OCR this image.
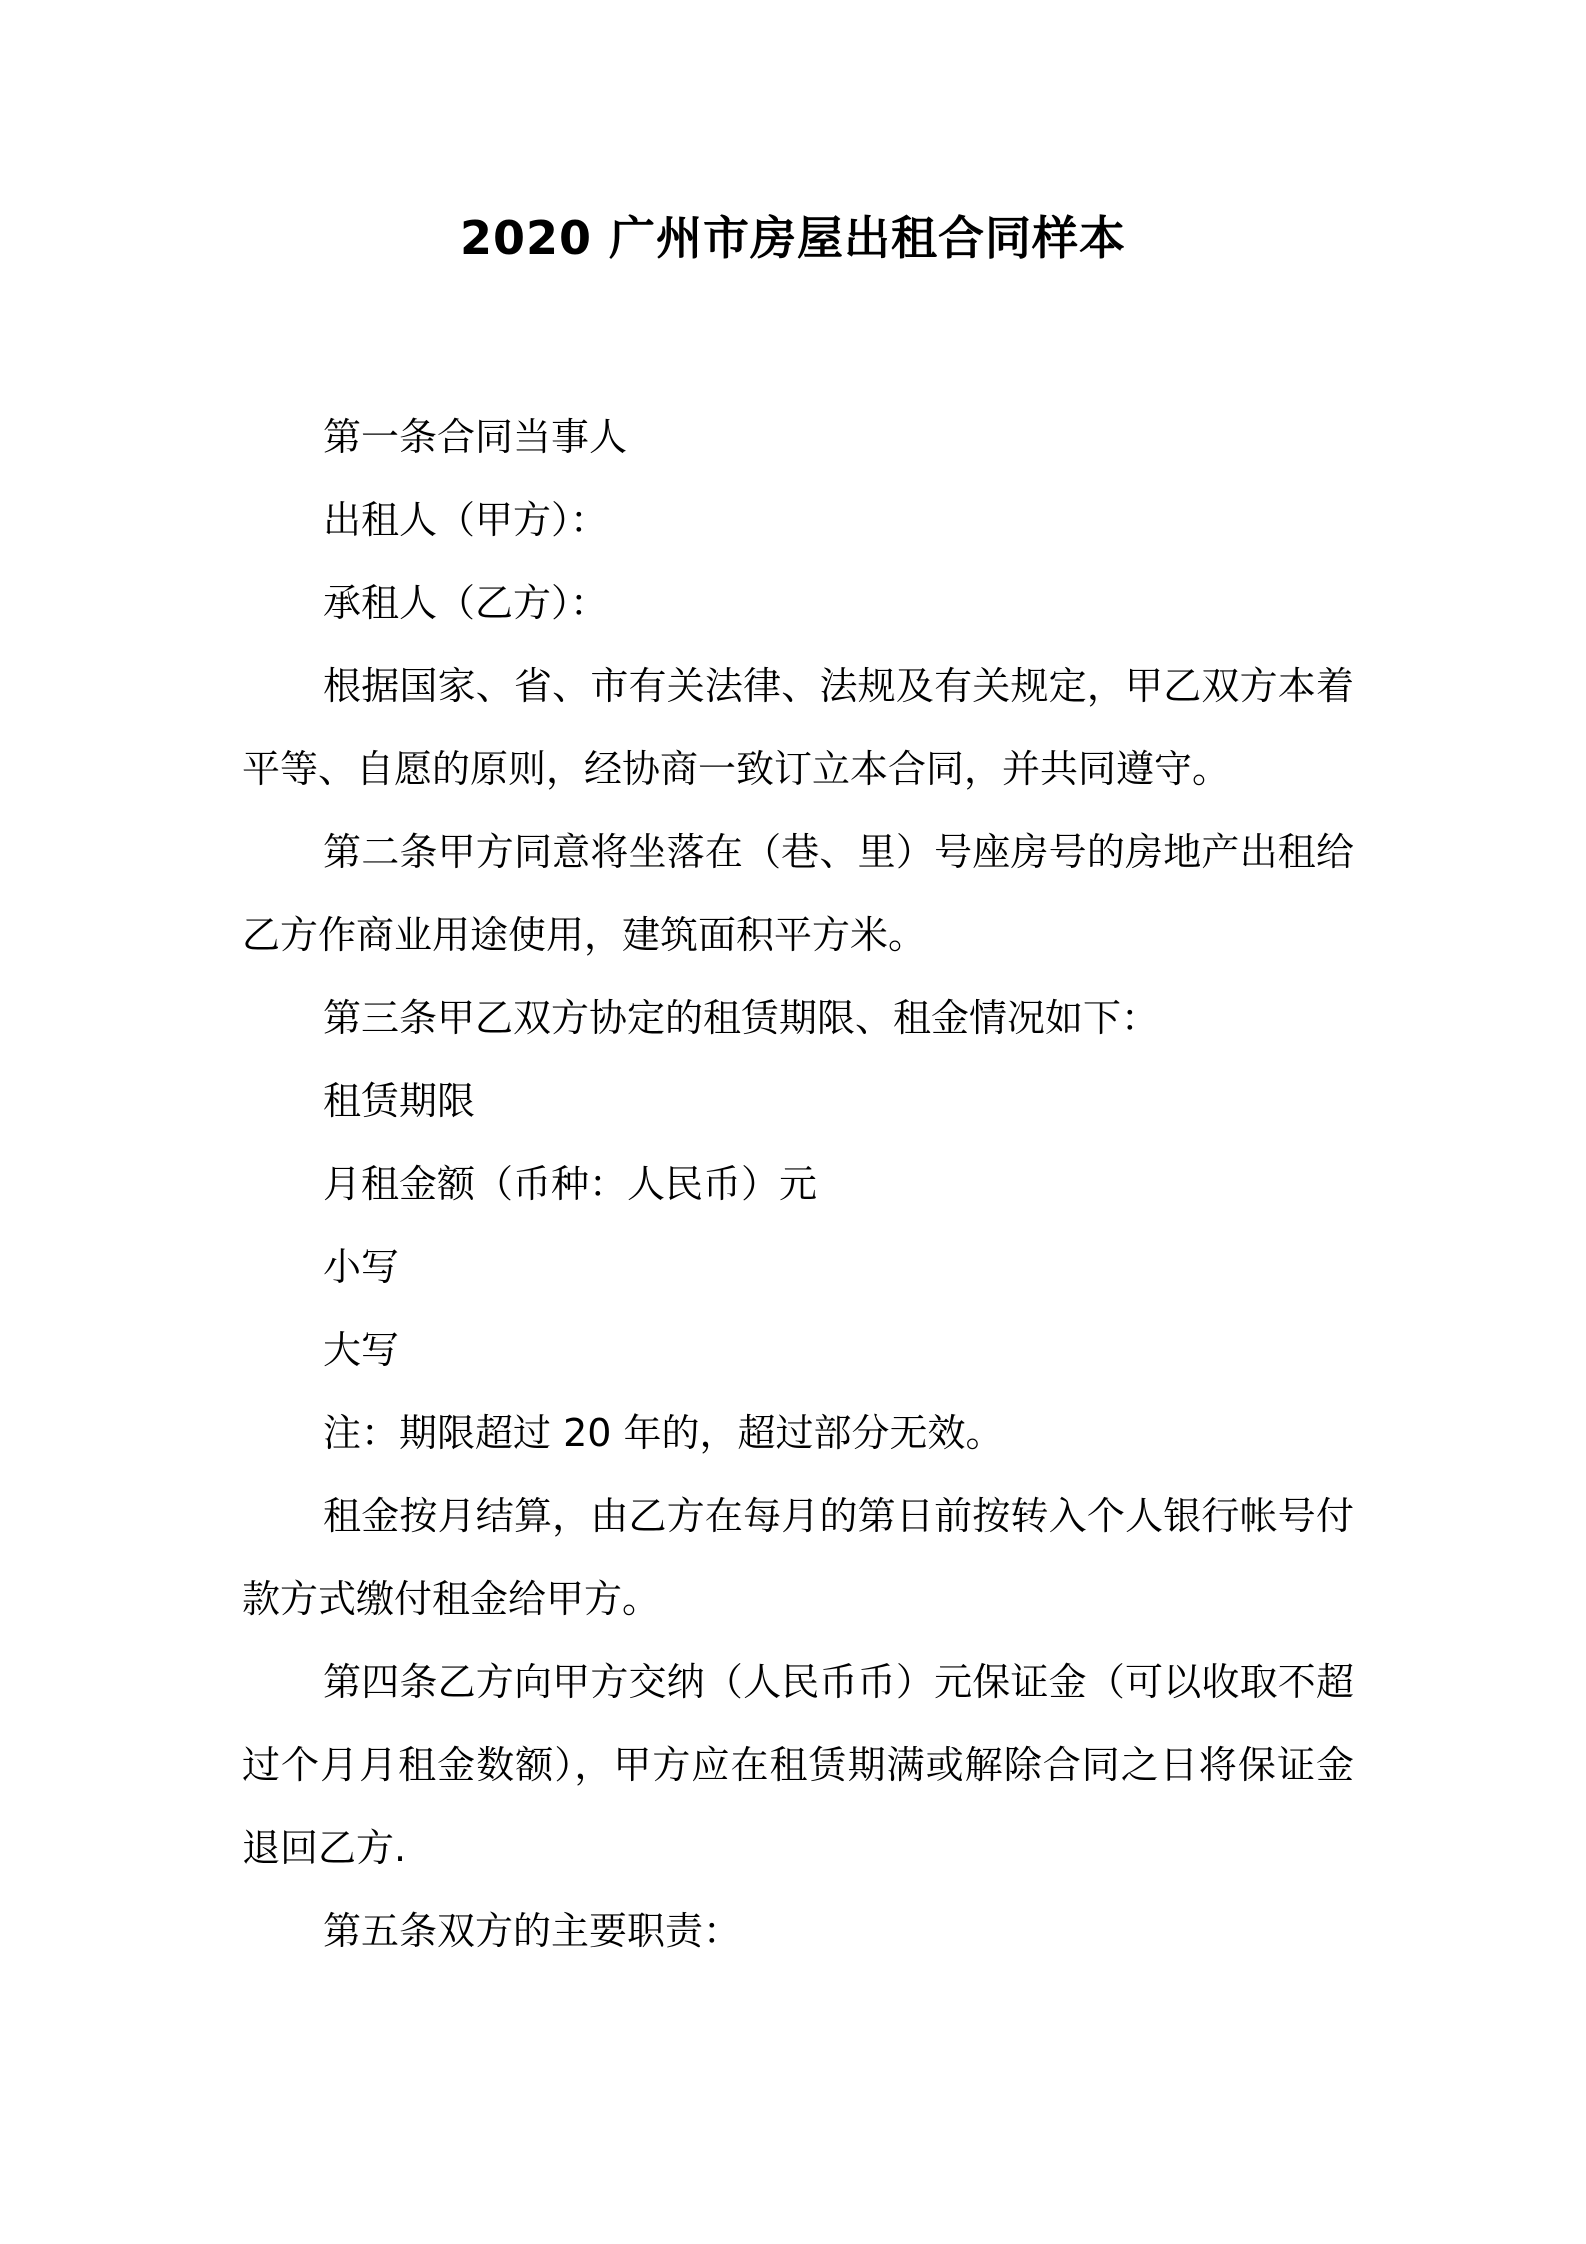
2020 广州市房屋出租合同样本

第一条合同当事人

出租人（甲方）：

承租人（乙方）：

根据国家、省、市有关法律、法规及有关规定，甲乙双方本着平等、自愿的原则，经协商一致订立本合同，并共同遵守。

第二条甲方同意将坐落在（巷、里）号座房号的房地产出租给乙方作商业用途使用，建筑面积平方米。

第三条甲乙双方协定的租赁期限、租金情况如下：

租赁期限

月租金额（币种：人民币）元

小写

大写

注：期限超过 20 年的，超过部分无效。

租金按月结算，由乙方在每月的第日前按转入个人银行帐号付款方式缴付租金给甲方。

第四条乙方向甲方交纳（人民币币）元保证金（可以收取不超过个月月租金数额），甲方应在租赁期满或解除合同之日将保证金退回乙方.

第五条双方的主要职责：
